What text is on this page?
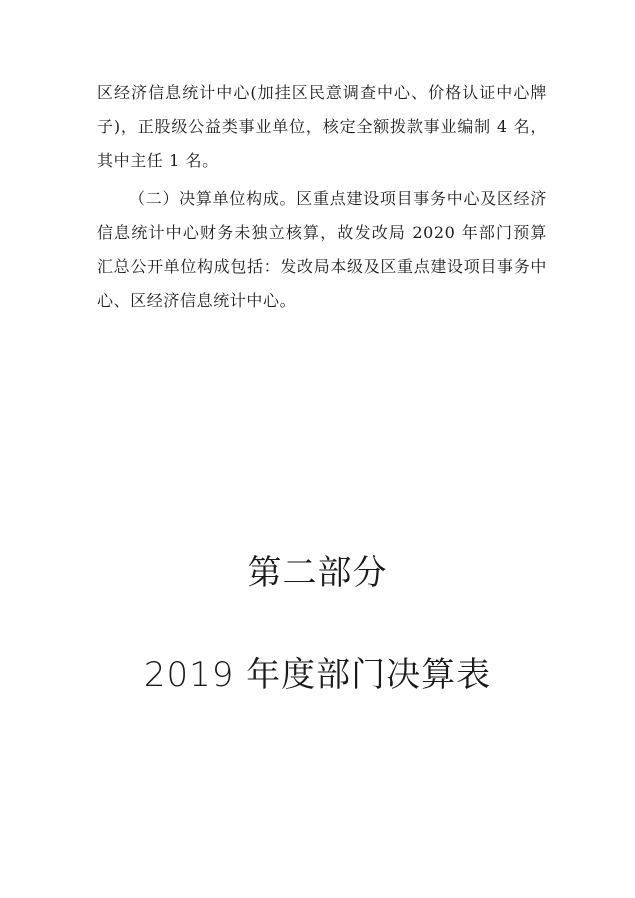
区经济信息统计中心(加挂区民意调查中心、价格认证中心牌子)，正股级公益类事业单位，核定全额拨款事业编制 4 名，其中主任 1 名。

（二）决算单位构成。区重点建设项目事务中心及区经济信息统计中心财务未独立核算，故发改局 2020 年部门预算汇总公开单位构成包括：发改局本级及区重点建设项目事务中心、区经济信息统计中心。

第二部分
2019 年度部门决算表
